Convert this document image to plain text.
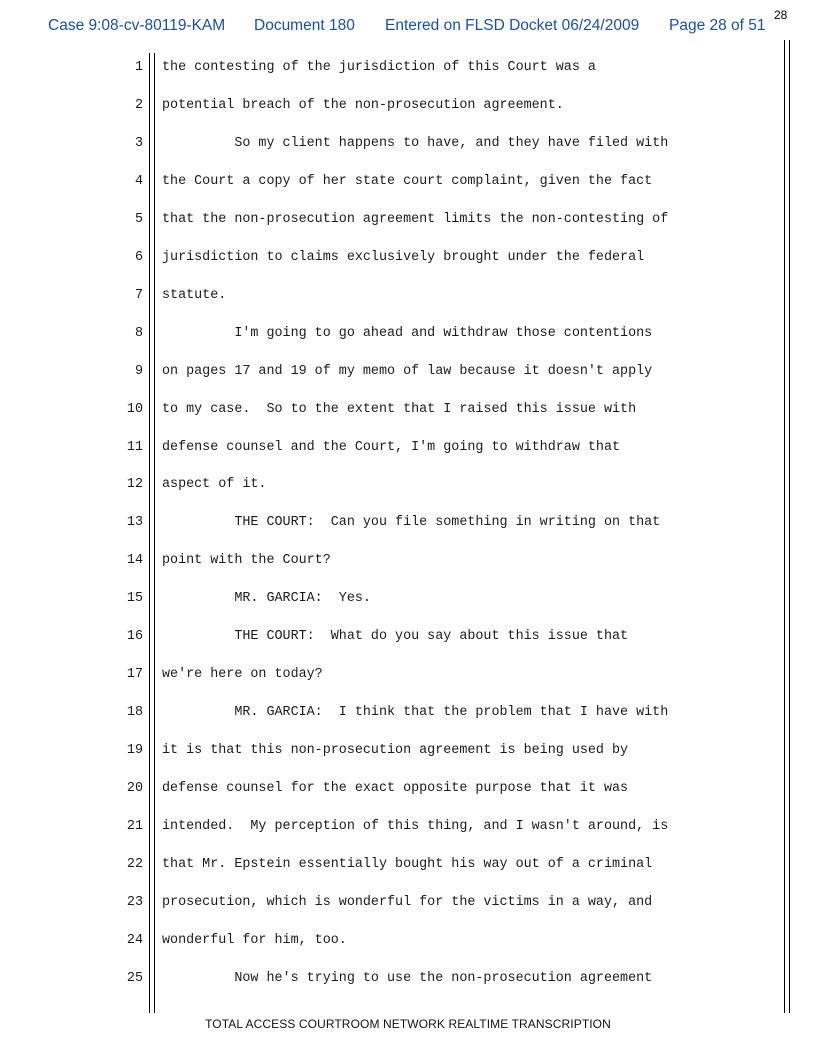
Case 9:08-cv-80119-KAM Document 180 Entered on FLSD Docket 06/24/2009 Page 28 of 51
28
1 the contesting of the jurisdiction of this Court was a
2 potential breach of the non-prosecution agreement.
3 So my client happens to have, and they have filed with
4 the Court a copy of her state court complaint, given the fact
5 that the non-prosecution agreement limits the non-contesting of
6 jurisdiction to claims exclusively brought under the federal
7 statute.
8 I'm going to go ahead and withdraw those contentions
9 on pages 17 and 19 of my memo of law because it doesn't apply
10 to my case.  So to the extent that I raised this issue with
11 defense counsel and the Court, I'm going to withdraw that
12 aspect of it.
13 THE COURT:  Can you file something in writing on that
14 point with the Court?
15 MR. GARCIA:  Yes.
16 THE COURT:  What do you say about this issue that
17 we're here on today?
18 MR. GARCIA:  I think that the problem that I have with
19 it is that this non-prosecution agreement is being used by
20 defense counsel for the exact opposite purpose that it was
21 intended.  My perception of this thing, and I wasn't around, is
22 that Mr. Epstein essentially bought his way out of a criminal
23 prosecution, which is wonderful for the victims in a way, and
24 wonderful for him, too.
25 Now he's trying to use the non-prosecution agreement
TOTAL ACCESS COURTROOM NETWORK REALTIME TRANSCRIPTION
